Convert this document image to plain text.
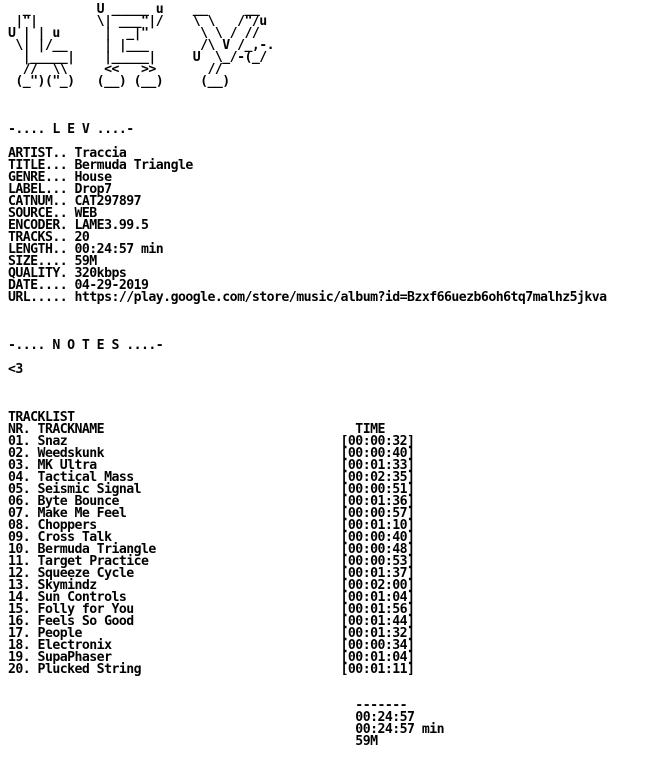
_         U _____ u    __     __
|"|        \| ___"|/    \ \   /"/u
U | | u      |  _|"       \ \ / //
\| |/__     | |___       /\ V /_,-.
|_____|    |_____|     U  \_/-(_/
//  \\     <<   >>       //
(_")("_)   (__) (__)     (__)

-.... L E V ....-

ARTIST.. Traccia
TITLE... Bermuda Triangle
GENRE... House
LABEL... Drop7
CATNUM.. CAT297897
SOURCE.. WEB
ENCODER. LAME3.99.5
TRACKS.. 20
LENGTH.. 00:24:57 min
SIZE.... 59M
QUALITY. 320kbps
DATE.... 04-29-2019
URL..... https://play.google.com/store/music/album?id=Bzxf66uezb6oh6tq7malhz5jkva

-.... N O T E S ....-

<3

TRACKLIST
NR. TRACKNAME                                  TIME
01. Snaz                                     [00:00:32]
02. Weedskunk                                [00:00:40]
03. MK Ultra                                 [00:01:33]
04. Tactical Mass                            [00:02:35]
05. Seismic Signal                           [00:00:51]
06. Byte Bounce                              [00:01:36]
07. Make Me Feel                             [00:00:57]
08. Choppers                                 [00:01:10]
09. Cross Talk                               [00:00:40]
10. Bermuda Triangle                         [00:00:48]
11. Target Practice                          [00:00:53]
12. Squeeze Cycle                            [00:01:37]
13. Skymindz                                 [00:02:00]
14. Sun Controls                             [00:01:04]
15. Folly for You                            [00:01:56]
16. Feels So Good                            [00:01:44]
17. People                                   [00:01:32]
18. Electronix                               [00:00:34]
19. SupaPhaser                               [00:01:04]
20. Plucked String                           [00:01:11]

-------
00:24:57
00:24:57 min
59M
